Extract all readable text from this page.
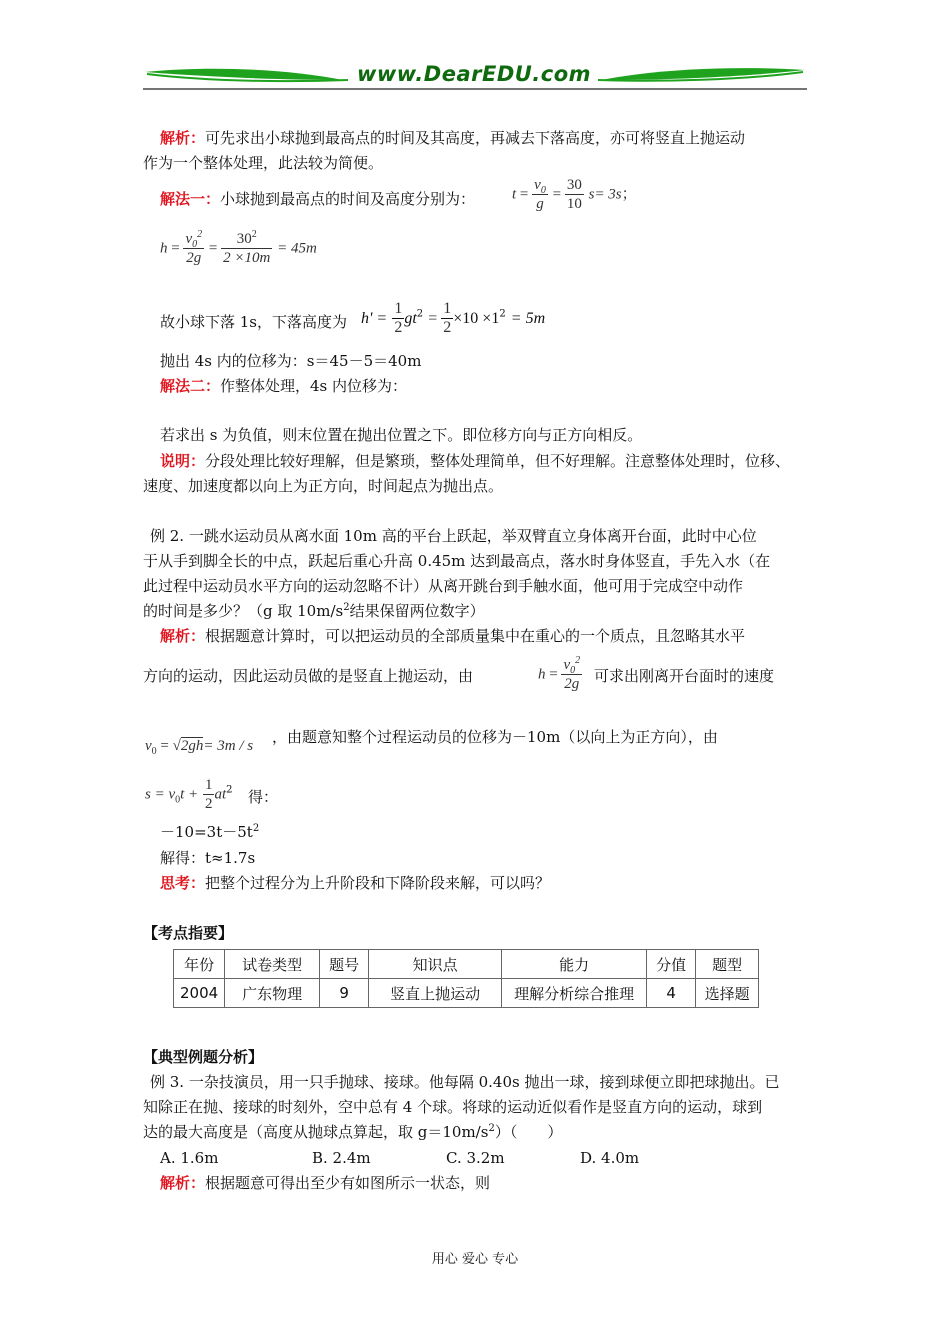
www.DearEDU.com
解析：可先求出小球抛到最高点的时间及其高度，再减去下落高度，亦可将竖直上抛运动
作为一个整体处理，此法较为简便。
解法一：小球抛到最高点的时间及高度分别为： $t = \frac{v_0}{g} = \frac{30}{10} s= 3s$；
$h = \frac{v_0^2}{2g} = \frac{30^2}{2 \times 10m} = 45m$
故小球下落 1s，下落高度为 $h' = \frac{1}{2} gt^2 = \frac{1}{2} \times 10 \times 1^2 = 5m$
抛出 4s 内的位移为：s＝45－5＝40m
解法二：作整体处理，4s 内位移为：
若求出 s 为负值，则末位置在抛出位置之下。即位移方向与正方向相反。
说明：分段处理比较好理解，但是繁琐，整体处理简单，但不好理解。注意整体处理时，位移、
速度、加速度都以向上为正方向，时间起点为抛出点。
例 2. 一跳水运动员从离水面 10m 高的平台上跃起，举双臂直立身体离开台面，此时中心位
于从手到脚全长的中点，跃起后重心升高 0.45m 达到最高点，落水时身体竖直，手先入水（在
此过程中运动员水平方向的运动忽略不计）从离开跳台到手触水面，他可用于完成空中动作
的时间是多少？（g 取 $10m/s^2$结果保留两位数字）
解析：根据题意计算时，可以把运动员的全部质量集中在重心的一个质点，且忽略其水平
方向的运动，因此运动员做的是竖直上抛运动，由	$h = \frac{v_0^2}{2g}$ 可求出刚离开台面时的速度
$v_0 = √2gh= 3m / s$ ，由题意知整个过程运动员的位移为－10m（以向上为正方向），由
$s = v_0t + \frac{1}{2} at^2$ 得：
$-10=3t-5t^2$
解得：t≈1.7s
思考：把整个过程分为上升阶段和下降阶段来解，可以吗？
【考点指要】
年份	试卷类型	题号	知识点	能力	分值	题型
2004	广东物理	9	竖直上抛运动	理解分析综合推理	4	选择题
【典型例题分析】
例 3. 一杂技演员，用一只手抛球、接球。他每隔 0.40s 抛出一球，接到球便立即把球抛出。已
知除正在抛、接球的时刻外，空中总有 4 个球。将球的运动近似看作是竖直方向的运动，球到
达的最大高度是（高度从抛球点算起，取 $g=10m/s^2$）（　　）
A. 1.6m	B. 2.4m	C. 3.2m	D. 4.0m
解析：根据题意可得出至少有如图所示一状态，则
用心 爱心 专心
